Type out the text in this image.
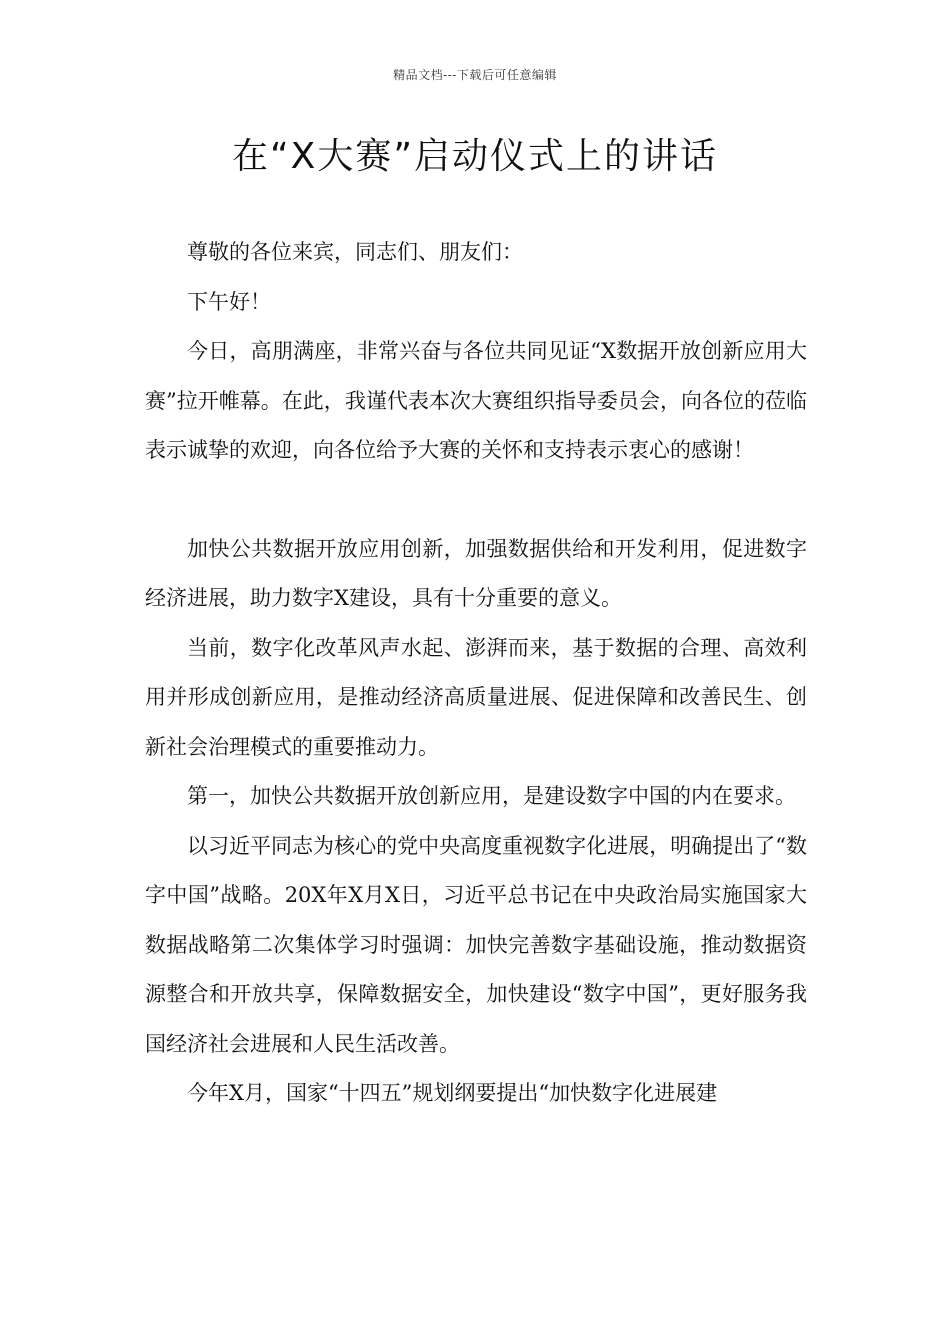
精品文档---下载后可任意编辑
在“X大赛”启动仪式上的讲话

尊敬的各位来宾，同志们、朋友们：

下午好！

今日，高朋满座，非常兴奋与各位共同见证“X数据开放创新应用大赛”拉开帷幕。在此，我谨代表本次大赛组织指导委员会，向各位的莅临表示诚挚的欢迎，向各位给予大赛的关怀和支持表示衷心的感谢！

加快公共数据开放应用创新，加强数据供给和开发利用，促进数字经济进展，助力数字X建设，具有十分重要的意义。

当前，数字化改革风声水起、澎湃而来，基于数据的合理、高效利用并形成创新应用，是推动经济高质量进展、促进保障和改善民生、创新社会治理模式的重要推动力。

第一，加快公共数据开放创新应用，是建设数字中国的内在要求。

以习近平同志为核心的党中央高度重视数字化进展，明确提出了“数字中国”战略。20X年X月X日，习近平总书记在中央政治局实施国家大数据战略第二次集体学习时强调：加快完善数字基础设施，推动数据资源整合和开放共享，保障数据安全，加快建设“数字中国”，更好服务我国经济社会进展和人民生活改善。

今年X月，国家“十四五”规划纲要提出“加快数字化进展建
